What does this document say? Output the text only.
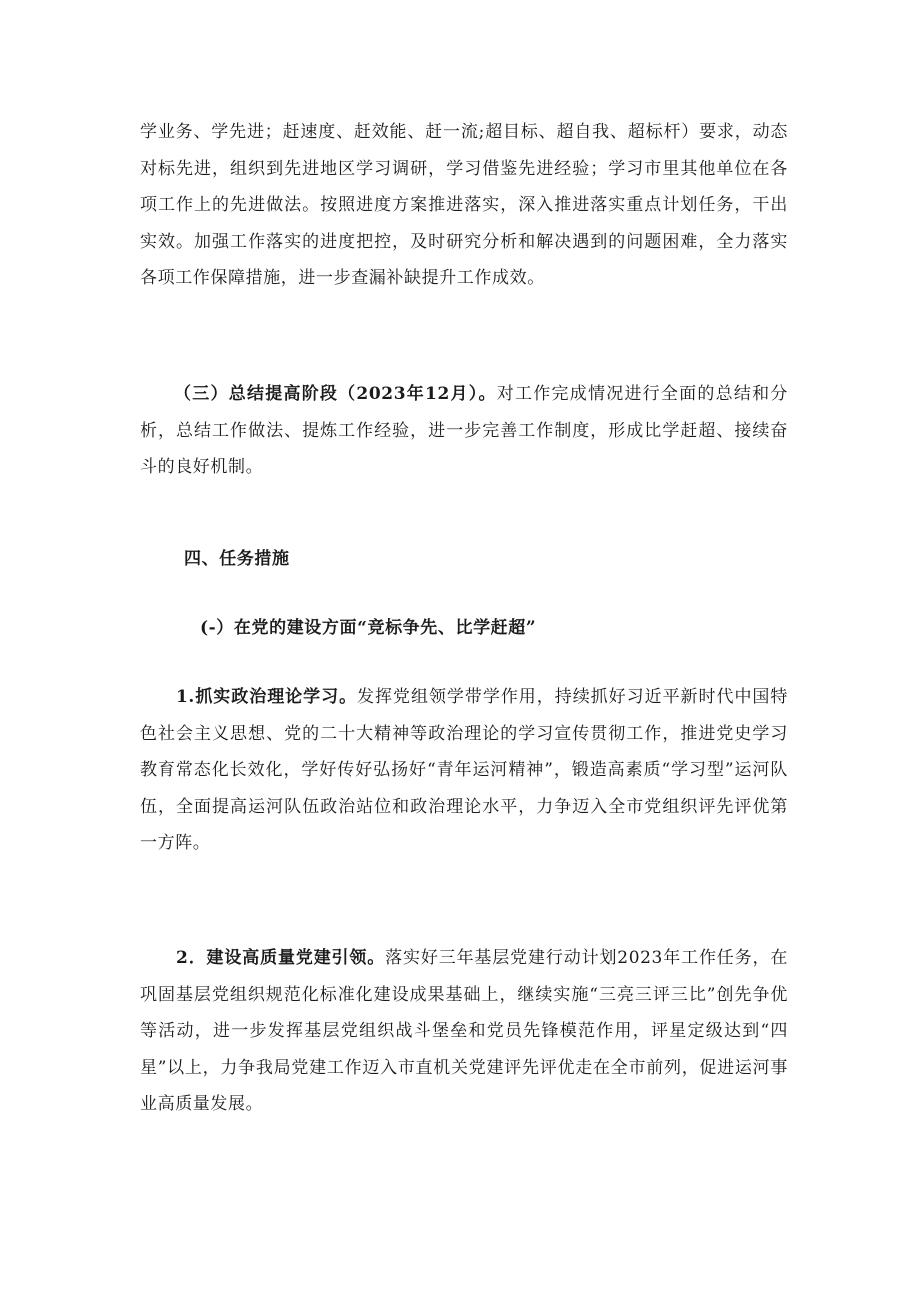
学业务、学先进；赶速度、赶效能、赶一流;超目标、超自我、超标杆）要求，动态对标先进，组织到先进地区学习调研，学习借鉴先进经验；学习市里其他单位在各项工作上的先进做法。按照进度方案推进落实，深入推进落实重点计划任务，干出实效。加强工作落实的进度把控，及时研究分析和解决遇到的问题困难，全力落实各项工作保障措施，进一步查漏补缺提升工作成效。

（三）总结提高阶段（2023年12月）。对工作完成情况进行全面的总结和分析，总结工作做法、提炼工作经验，进一步完善工作制度，形成比学赶超、接续奋斗的良好机制。

四、任务措施
(-）在党的建设方面“竞标争先、比学赶超”

1.抓实政治理论学习。发挥党组领学带学作用，持续抓好习近平新时代中国特色社会主义思想、党的二十大精神等政治理论的学习宣传贯彻工作，推进党史学习教育常态化长效化，学好传好弘扬好“青年运河精神”，锻造高素质“学习型”运河队伍，全面提高运河队伍政治站位和政治理论水平，力争迈入全市党组织评先评优第一方阵。

2．建设高质量党建引领。落实好三年基层党建行动计划2023年工作任务，在巩固基层党组织规范化标准化建设成果基础上，继续实施“三亮三评三比”创先争优等活动，进一步发挥基层党组织战斗堡垒和党员先锋模范作用，评星定级达到“四星”以上，力争我局党建工作迈入市直机关党建评先评优走在全市前列，促进运河事业高质量发展。
